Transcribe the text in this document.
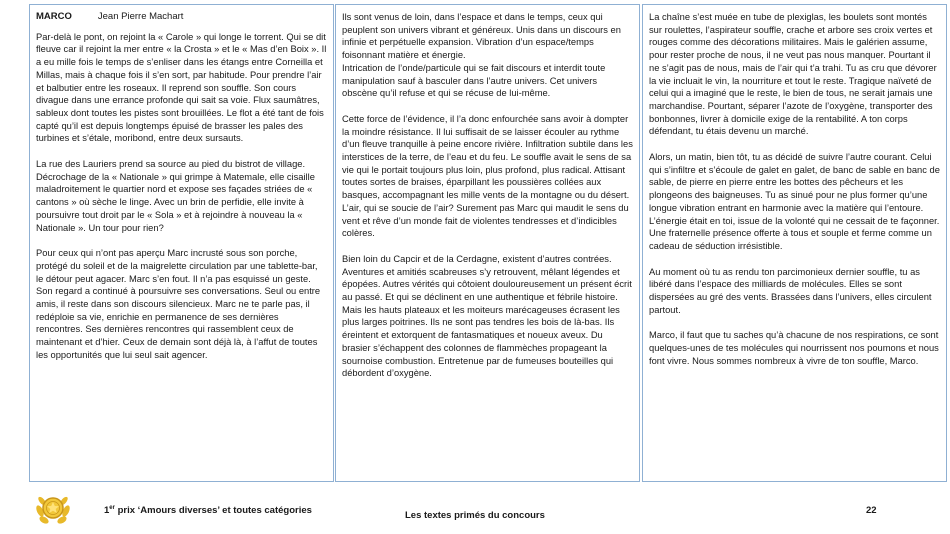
MARCO	Jean Pierre Machart

Par-delà le pont, on rejoint la « Carole » qui longe le torrent. Qui se dit fleuve car il rejoint la mer entre « la Crosta » et le « Mas d’en Boix ». Il a eu mille fois le temps de s’enliser dans les étangs entre Corneilla et Millas, mais à chaque fois il s’en sort, par habitude. Pour prendre l’air et balbutier entre les roseaux. Il reprend son souffle. Son cours divague dans une errance profonde qui sait sa voie. Flux saumâtres, sableux dont toutes les pistes sont brouillées. Le flot a été tant de fois capté qu’il est depuis longtemps épuisé de brasser les pales des turbines et s’étale, moribond, entre deux sursauts.

La rue des Lauriers prend sa source au pied du bistrot de village. Décrochage de la « Nationale » qui grimpe à Matemale, elle cisaille maladroitement le quartier nord et expose ses façades striées de « cantons » où sèche le linge. Avec un brin de perfidie, elle invite à poursuivre tout droit par le « Sola » et à rejoindre à nouveau la « Nationale ». Un tour pour rien?

Pour ceux qui n’ont pas aperçu Marc incrusté sous son porche, protégé du soleil et de la maigrelette circulation par une tablette-bar, le détour peut agacer. Marc s’en fout. Il n’a pas esquissé un geste. Son regard a continué à poursuivre ses conversations. Seul ou entre amis, il reste dans son discours silencieux. Marc ne te parle pas, il redéploie sa vie, enrichie en permanence de ses dernières rencontres. Ses dernières rencontres qui rassemblent ceux de maintenant et d’hier. Ceux de demain sont déjà là, à l’affut de toutes les opportunités que lui seul sait agencer.

Ils sont venus de loin, dans l’espace et dans le temps, ceux qui peuplent son univers vibrant et généreux. Unis dans un discours en infinie et perpétuelle expansion. Vibration d’un espace/temps foisonnant matière et énergie.
Intrication de l’onde/particule qui se fait discours et interdit toute manipulation sauf à basculer dans l’autre univers. Cet univers obscène qu’il refuse et qui se récuse de lui-même.

Cette force de l’évidence, il l’a donc enfourchée sans avoir à dompter la moindre résistance. Il lui suffisait de se laisser écouler au rythme d’un fleuve tranquille à peine encore rivière. Infiltration subtile dans les interstices de la terre, de l’eau et du feu. Le souffle avait le sens de sa vie qui le portait toujours plus loin, plus profond, plus radical. Attisant toutes sortes de braises, éparpillant les poussières collées aux basques, accompagnant les mille vents de la montagne ou du désert. L’air, qui se soucie de l’air? Surement pas Marc qui maudit le sens du vent et rêve d’un monde fait de violentes tendresses et d’indicibles colères.

Bien loin du Capcir et de la Cerdagne, existent d’autres contrées. Aventures et amitiés scabreuses s’y retrouvent, mêlant légendes et épopées. Autres vérités qui côtoient douloureusement un présent écrit au passé. Et qui se déclinent en une authentique et fébrile histoire. Mais les hauts plateaux et les moiteurs marécageuses écrasent les plus larges poitrines. Ils ne sont pas tendres les bois de là-bas. Ils éreintent et extorquent de fantasmatiques et noueux aveux. Du brasier s’échappent des colonnes de flammèches propageant la sournoise combustion. Entretenue par de fumeuses bouteilles qui débordent d’oxygène.

La chaîne s’est muée en tube de plexiglas, les boulets sont montés sur roulettes, l’aspirateur souffle, crache et arbore ses croix vertes et rouges comme des décorations militaires. Mais le galérien assume, pour rester proche de nous, il ne veut pas nous manquer. Pourtant il ne s’agit pas de nous, mais de l’air qui t’a trahi. Tu as cru que dévorer la vie incluait le vin, la nourriture et tout le reste. Tragique naïveté de celui qui a imaginé que le reste, le bien de tous, ne serait jamais une marchandise. Pourtant, séparer l’azote de l’oxygène, transporter des bonbonnes, livrer à domicile exige de la rentabilité. A ton corps défendant, tu étais devenu un marché.

Alors, un matin, bien tôt, tu as décidé de suivre l’autre courant. Celui qui s’infiltre et s’écoule de galet en galet, de banc de sable en banc de sable, de pierre en pierre entre les bottes des pêcheurs et les plongeons des baigneuses. Tu as sinué pour ne plus former qu’une longue vibration entrant en harmonie avec la matière qui l’entoure. L’énergie était en toi, issue de la volonté qui ne cessait de te façonner. Une fraternelle présence offerte à tous et souple et ferme comme un cadeau de séduction irrésistible.

Au moment où tu as rendu ton parcimonieux dernier souffle, tu as libéré dans l’espace des milliards de molécules. Elles se sont dispersées au gré des vents. Brassées dans l’univers, elles circulent partout.

Marco, il faut que tu saches qu’à chacune de nos respirations, ce sont quelques-unes de tes molécules qui nourrissent nos poumons et nous font vivre. Nous sommes nombreux à vivre de ton souffle, Marco.

1er prix ‘Amours diverses’ et toutes catégories	Les textes primés du concours	22
